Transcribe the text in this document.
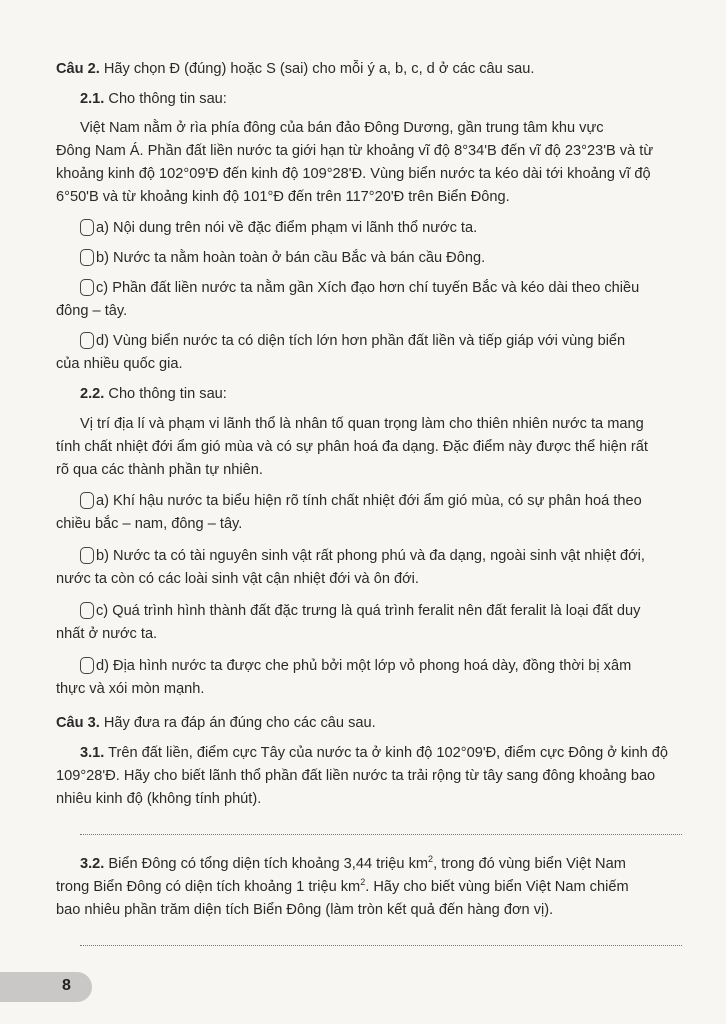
Câu 2. Hãy chọn Đ (đúng) hoặc S (sai) cho mỗi ý a, b, c, d ở các câu sau.
2.1. Cho thông tin sau:
Việt Nam nằm ở rìa phía đông của bán đảo Đông Dương, gần trung tâm khu vực
Đông Nam Á. Phần đất liền nước ta giới hạn từ khoảng vĩ độ 8°34'B đến vĩ độ 23°23'B và từ
khoảng kinh độ 102°09'Đ đến kinh độ 109°28'Đ. Vùng biển nước ta kéo dài tới khoảng vĩ độ
6°50'B và từ khoảng kinh độ 101°Đ đến trên 117°20'Đ trên Biển Đông.
a) Nội dung trên nói về đặc điểm phạm vi lãnh thổ nước ta.
b) Nước ta nằm hoàn toàn ở bán cầu Bắc và bán cầu Đông.
c) Phần đất liền nước ta nằm gần Xích đạo hơn chí tuyến Bắc và kéo dài theo chiều
đông – tây.
d) Vùng biển nước ta có diện tích lớn hơn phần đất liền và tiếp giáp với vùng biển
của nhiều quốc gia.
2.2. Cho thông tin sau:
Vị trí địa lí và phạm vi lãnh thổ là nhân tố quan trọng làm cho thiên nhiên nước ta mang
tính chất nhiệt đới ẩm gió mùa và có sự phân hoá đa dạng. Đặc điểm này được thể hiện rất
rõ qua các thành phần tự nhiên.
a) Khí hậu nước ta biểu hiện rõ tính chất nhiệt đới ẩm gió mùa, có sự phân hoá theo
chiều bắc – nam, đông – tây.
b) Nước ta có tài nguyên sinh vật rất phong phú và đa dạng, ngoài sinh vật nhiệt đới,
nước ta còn có các loài sinh vật cận nhiệt đới và ôn đới.
c) Quá trình hình thành đất đặc trưng là quá trình feralit nên đất feralit là loại đất duy
nhất ở nước ta.
d) Địa hình nước ta được che phủ bởi một lớp vỏ phong hoá dày, đồng thời bị xâm
thực và xói mòn mạnh.
Câu 3. Hãy đưa ra đáp án đúng cho các câu sau.
3.1. Trên đất liền, điểm cực Tây của nước ta ở kinh độ 102°09'Đ, điểm cực Đông ở kinh độ
109°28'Đ. Hãy cho biết lãnh thổ phần đất liền nước ta trải rộng từ tây sang đông khoảng bao
nhiêu kinh độ (không tính phút).
3.2. Biển Đông có tổng diện tích khoảng 3,44 triệu $km^2$, trong đó vùng biển Việt Nam
trong Biển Đông có diện tích khoảng 1 triệu $km^2$. Hãy cho biết vùng biển Việt Nam chiếm
bao nhiêu phần trăm diện tích Biển Đông (làm tròn kết quả đến hàng đơn vị).
8
